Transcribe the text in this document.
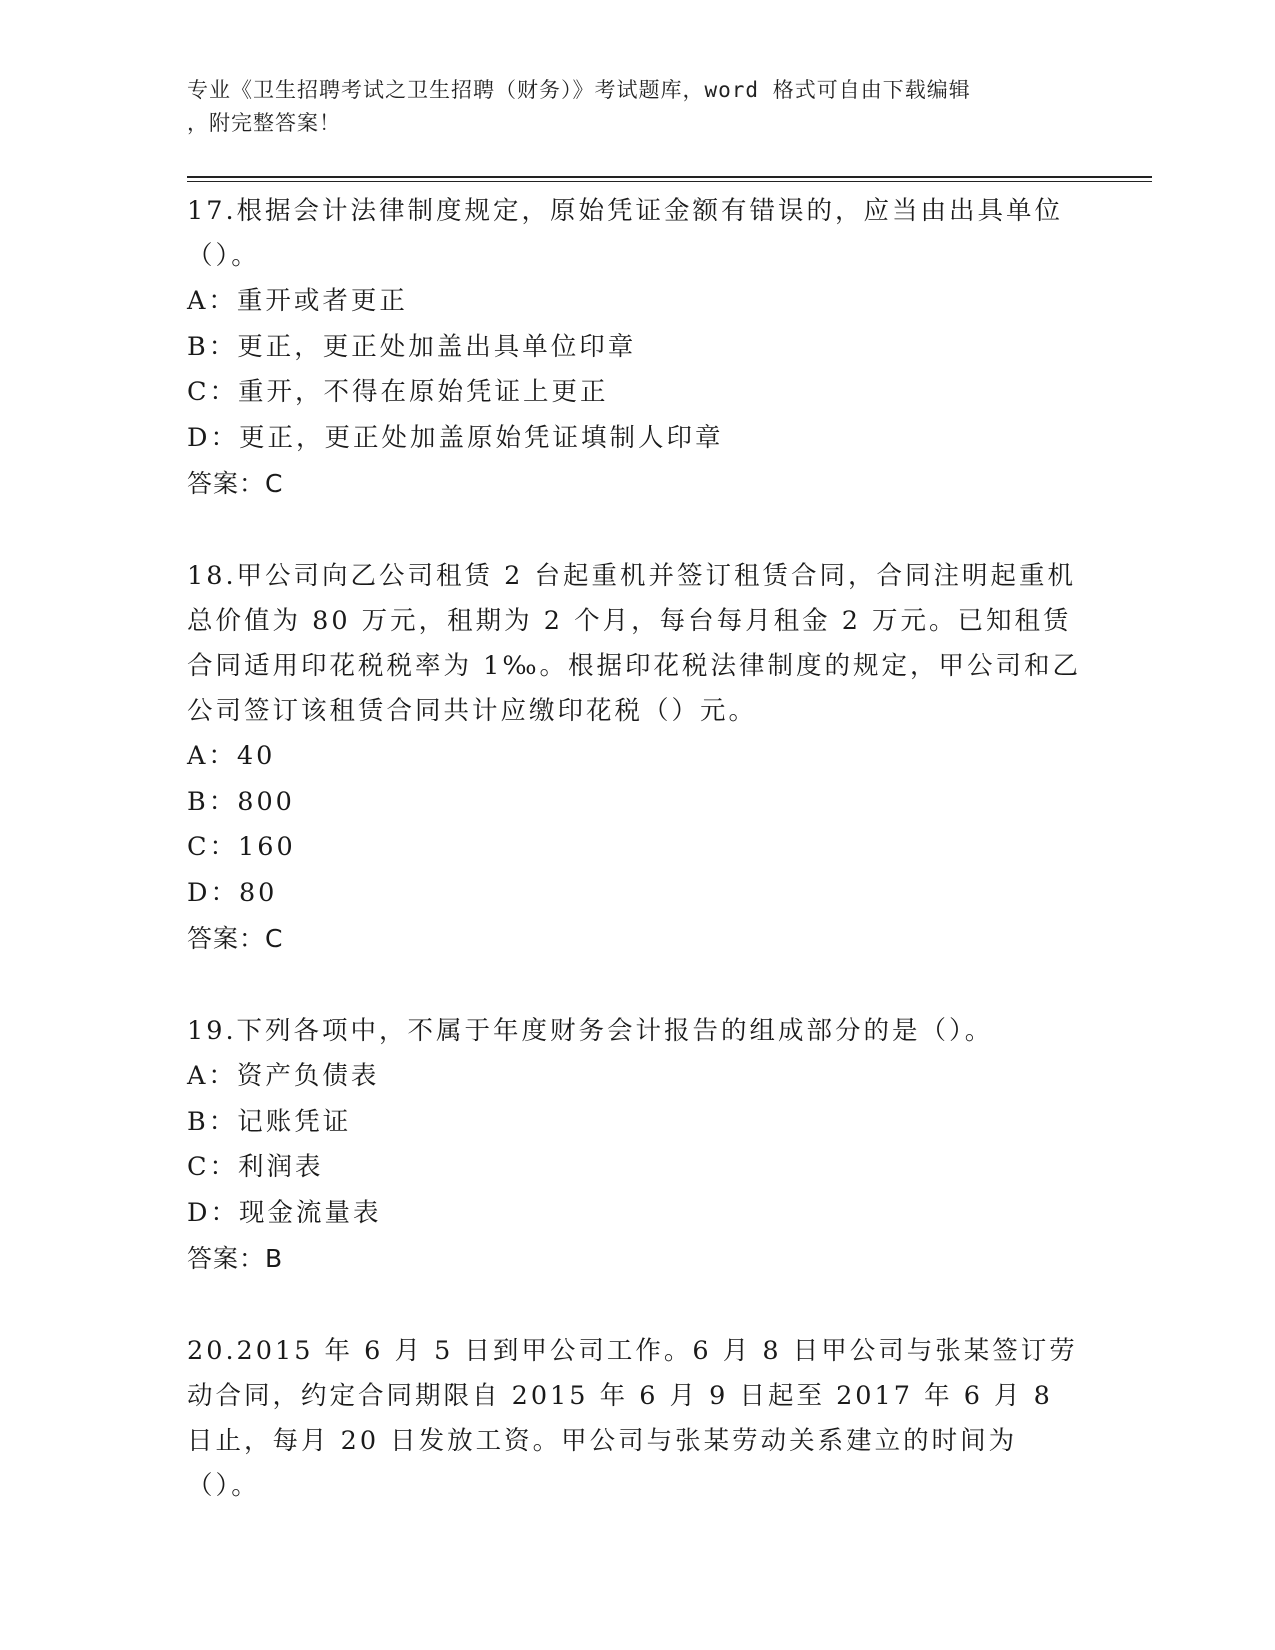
专业《卫生招聘考试之卫生招聘（财务）》考试题库，word 格式可自由下载编辑
，附完整答案！

17.根据会计法律制度规定，原始凭证金额有错误的，应当由出具单位（）。

A：重开或者更正

B：更正，更正处加盖出具单位印章

C：重开，不得在原始凭证上更正

D：更正，更正处加盖原始凭证填制人印章

答案：C

18.甲公司向乙公司租赁 2 台起重机并签订租赁合同，合同注明起重机总价值为 80 万元，租期为 2 个月，每台每月租金 2 万元。已知租赁合同适用印花税税率为 1‰。根据印花税法律制度的规定，甲公司和乙公司签订该租赁合同共计应缴印花税（）元。

A：40

B：800

C：160

D：80

答案：C

19.下列各项中，不属于年度财务会计报告的组成部分的是（）。

A：资产负债表

B：记账凭证

C：利润表

D：现金流量表

答案：B

20.2015 年 6 月 5 日到甲公司工作。6 月 8 日甲公司与张某签订劳动合同，约定合同期限自 2015 年 6 月 9 日起至 2017 年 6 月 8 日止，每月 20 日发放工资。甲公司与张某劳动关系建立的时间为（）。
